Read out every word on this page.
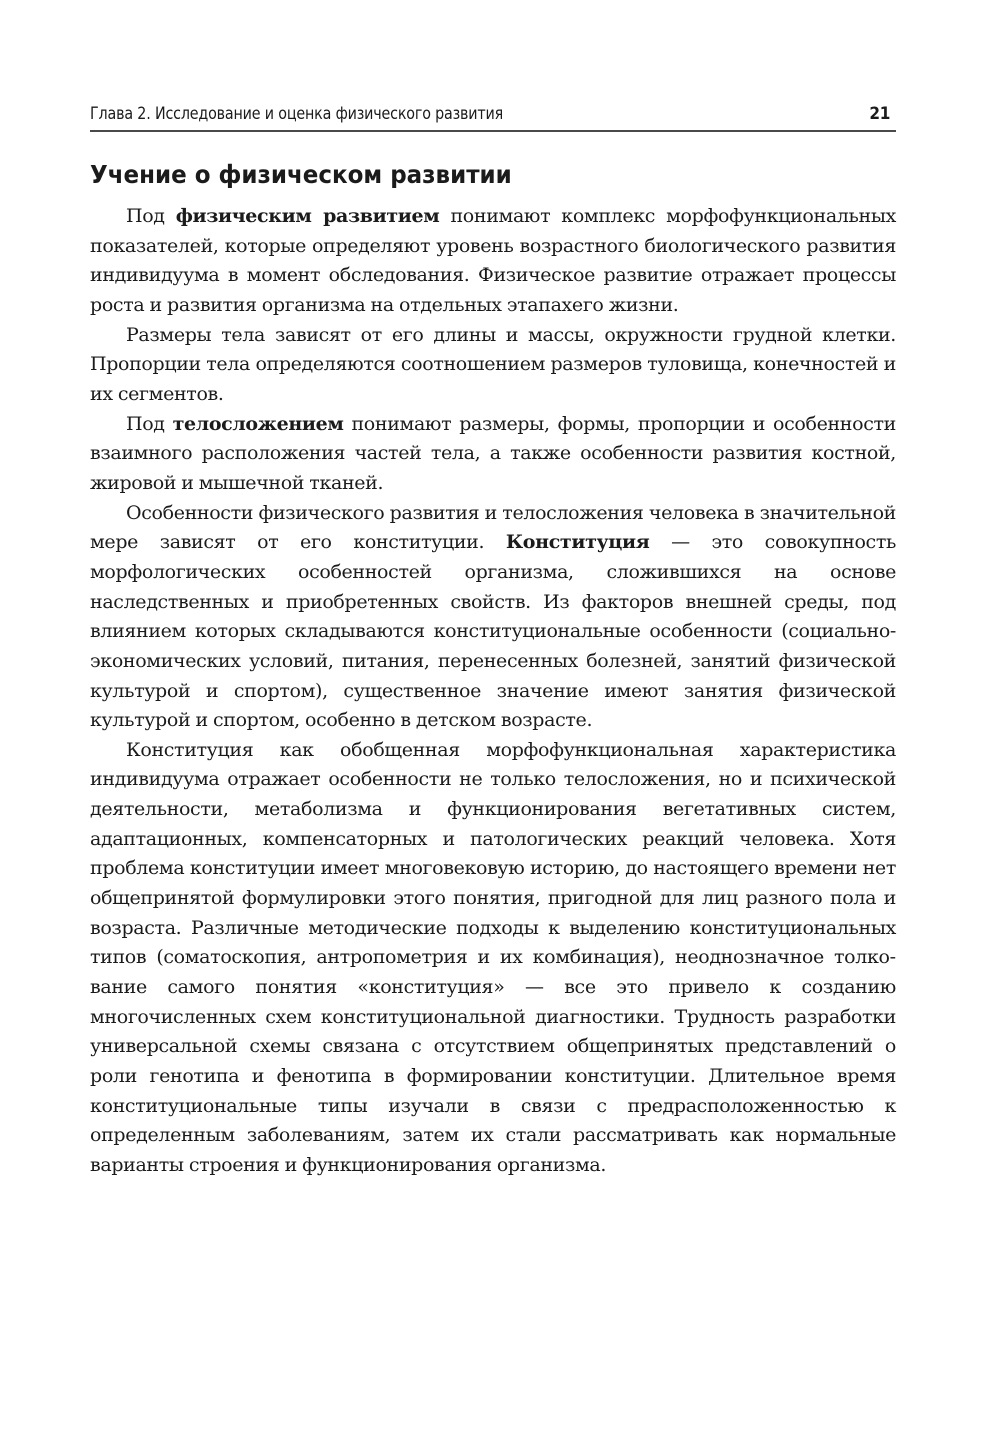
Глава 2. Исследование и оценка физического развития	21
Учение о физическом развитии

Под физическим развитием понимают комплекс морфофункциональных показателей, которые определяют уровень возрастного биологического развития индивидуума в момент обследования. Физическое развитие отражает процессы роста и развития организма на отдельных этапахего жизни.

Размеры тела зависят от его длины и массы, окружности грудной клетки. Пропорции тела определяются соотношением размеров туловища, конечностей и их сегментов.

Под телосложением понимают размеры, формы, пропорции и особенности взаимного расположения частей тела, а также особенности развития костной, жировой и мышечной тканей.

Особенности физического развития и телосложения человека в значительной мере зависят от его конституции. Конституция — это совокупность морфологических особенностей организма, сложившихся на основе наследственных и приобретенных свойств. Из факторов внешней среды, под влиянием которых складываются конституциональные особенности (социально-экономических условий, питания, перенесенных болезней, занятий физической культурой и спортом), существенное значение имеют занятия физической культурой и спортом, особенно в детском возрасте.

Конституция как обобщенная морфофункциональная характеристика индивидуума отражает особенности не только телосложения, но и психической деятельности, метаболизма и функционирования вегетативных систем, адаптационных, компенсаторных и патологических реакций человека. Хотя проблема конституции имеет многовековую историю, до настоящего времени нет общепринятой формулировки этого понятия, пригодной для лиц разного пола и возраста. Различные методические подходы к выделению конституциональных типов (соматоскопия, антропометрия и их комбинация), неоднозначное толкование самого понятия «конституция» — все это привело к созданию многочисленных схем конституциональной диагностики. Трудность разработки универсальной схемы связана с отсутствием общепринятых представлений о роли генотипа и фенотипа в формировании конституции. Длительное время конституциональные типы изучали в связи с предрасположенностью к определенным заболеваниям, затем их стали рассматривать как нормальные варианты строения и функционирования организма.
